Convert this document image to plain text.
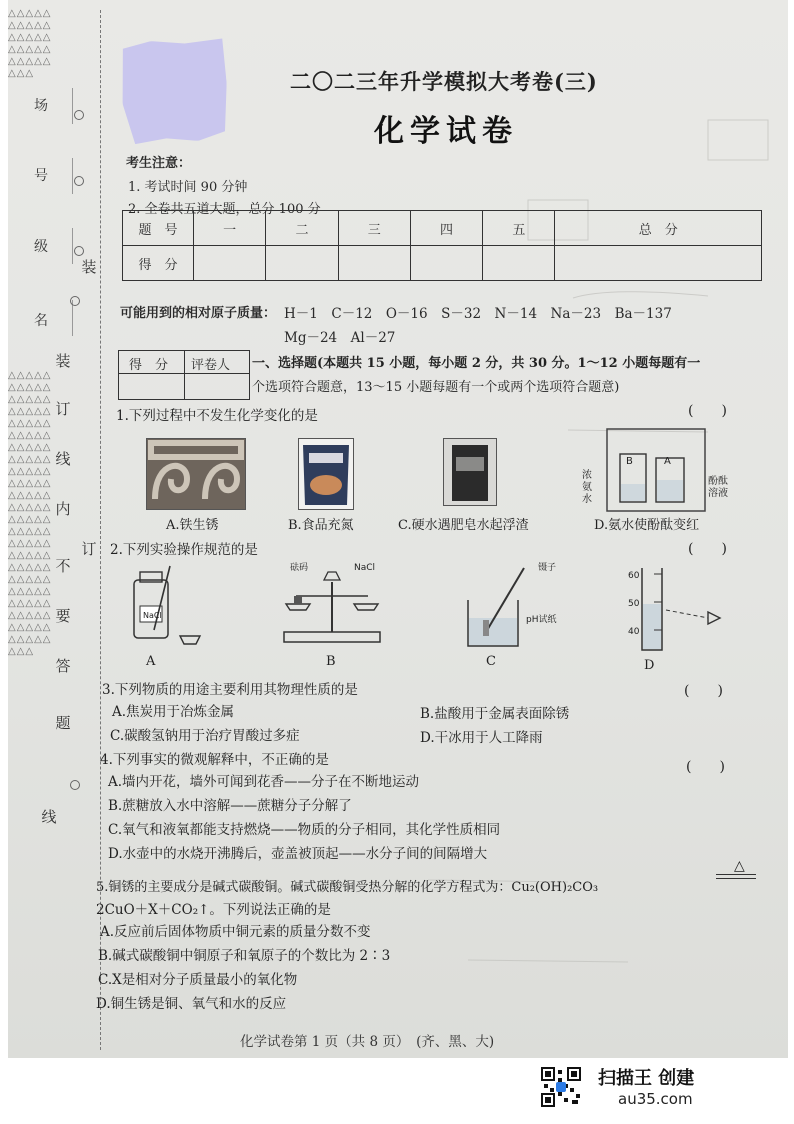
△△△△△△△△△△△△△△△△△△△△△△△△△△△△
△△△△△△△△△△△△△△△△△△△△△△△△△△△△△△△△△△△△△△△△△△△△△△△△△△△△△△△△△△△△△△△△△△△△△△△△△△△△△△△△△△△△△△△△△△△△△△△△△△△△△△△△△△△△△△△△△△△△△△
场
号
级
名
装
订
线
内
不
要
答
题
装
订
线
二〇二三年升学模拟大考卷(三)
化学试卷
考生注意：
1. 考试时间 90 分钟
2. 全卷共五道大题，总分 100 分
题　号	一	二	三	四	五	总　分
得　分						
可能用到的相对原子质量： H－1　C－12　O－16　S－32　N－14　Na－23　Ba－137
Mg－24　Al－27
得　分 评卷人 一、选择题(本题共 15 小题，每小题 2 分，共 30 分。1～12 小题每题有一
个选项符合题意，13～15 小题每题有一个或两个选项符合题意)
1.下列过程中不发生化学变化的是	(　　)
B	A
浓氨水
酚酞溶液
A.铁生锈	B.食品充氮	C.硬水遇肥皂水起浮渣	D.氨水使酚酞变红
2.下列实验操作规范的是	(　　)
NaCl
砝码	NaCl	镊子
pH试纸
60
50
40
A	B	C	D
3.下列物质的用途主要利用其物理性质的是	(　　)
A.焦炭用于冶炼金属	B.盐酸用于金属表面除锈
C.碳酸氢钠用于治疗胃酸过多症	D.干冰用于人工降雨
4.下列事实的微观解释中，不正确的是	(　　)
A.墙内开花，墙外可闻到花香——分子在不断地运动
B.蔗糖放入水中溶解——蔗糖分子分解了
C.氧气和液氧都能支持燃烧——物质的分子相同，其化学性质相同
D.水壶中的水烧开沸腾后，壶盖被顶起——水分子间的间隔增大
5.铜锈的主要成分是碱式碳酸铜。碱式碳酸铜受热分解的化学方程式为：Cu₂(OH)₂CO₃
△
2CuO＋X＋CO₂↑。下列说法正确的是
A.反应前后固体物质中铜元素的质量分数不变
B.碱式碳酸铜中铜原子和氧原子的个数比为 2∶3
C.X是相对分子质量最小的氧化物
D.铜生锈是铜、氧气和水的反应
化学试卷第 1 页（共 8 页）　(齐、黑、大)
扫描王 创建
au35.com
